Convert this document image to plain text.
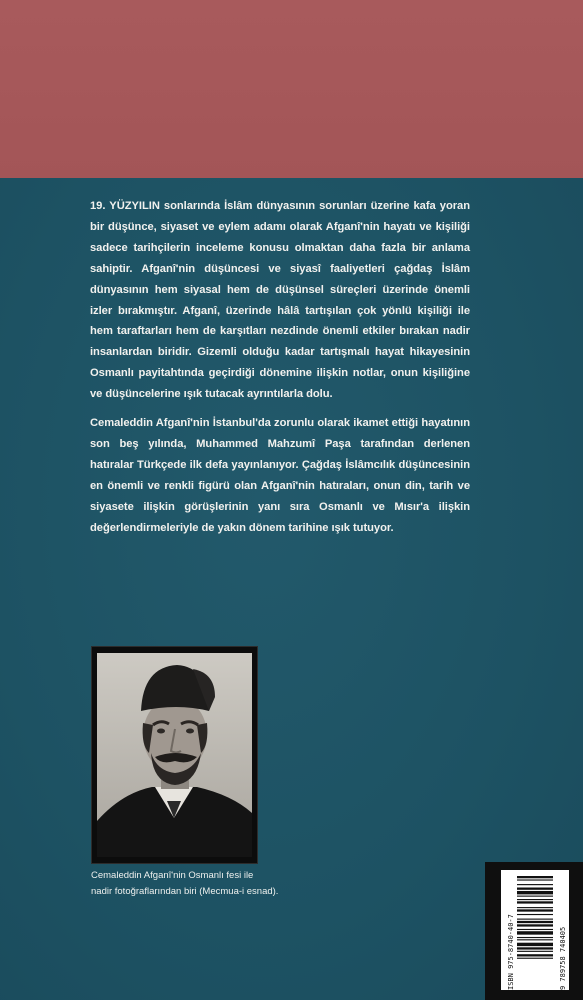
19. YÜZYILIN sonlarında İslâm dünyasının sorunları üzerine kafa yoran bir düşünce, siyaset ve eylem adamı olarak Afganî'nin hayatı ve kişiliği sadece tarihçilerin inceleme konusu olmaktan daha fazla bir anlama sahiptir. Afganî'nin düşüncesi ve siyasî faaliyetleri çağdaş İslâm dünyasının hem siyasal hem de düşünsel süreçleri üzerinde önemli izler bırakmıştır. Afganî, üzerinde hâlâ tartışılan çok yönlü kişiliği ile hem taraftarları hem de karşıtları nezdinde önemli etkiler bırakan nadir insanlardan biridir. Gizemli olduğu kadar tartışmalı hayat hikayesinin Osmanlı payitahtında geçirdiği dönemine ilişkin notlar, onun kişiliğine ve düşüncelerine ışık tutacak ayrıntılarla dolu.

Cemaleddin Afganî'nin İstanbul'da zorunlu olarak ikamet ettiği hayatının son beş yılında, Muhammed Mahzumî Paşa tarafından derlenen hatıralar Türkçede ilk defa yayınlanıyor. Çağdaş İslâmcılık düşüncesinin en önemli ve renkli figürü olan Afganî'nin hatıraları, onun din, tarih ve siyasete ilişkin görüşlerinin yanı sıra Osmanlı ve Mısır'a ilişkin değerlendirmeleriyle de yakın dönem tarihine ışık tutuyor.

Cemaleddin Afganî'nin Osmanlı fesi ile
nadir fotoğraflarından biri (Mecmua-i esnad).
ISBN 975-8740-40-7	9 789758 740405
